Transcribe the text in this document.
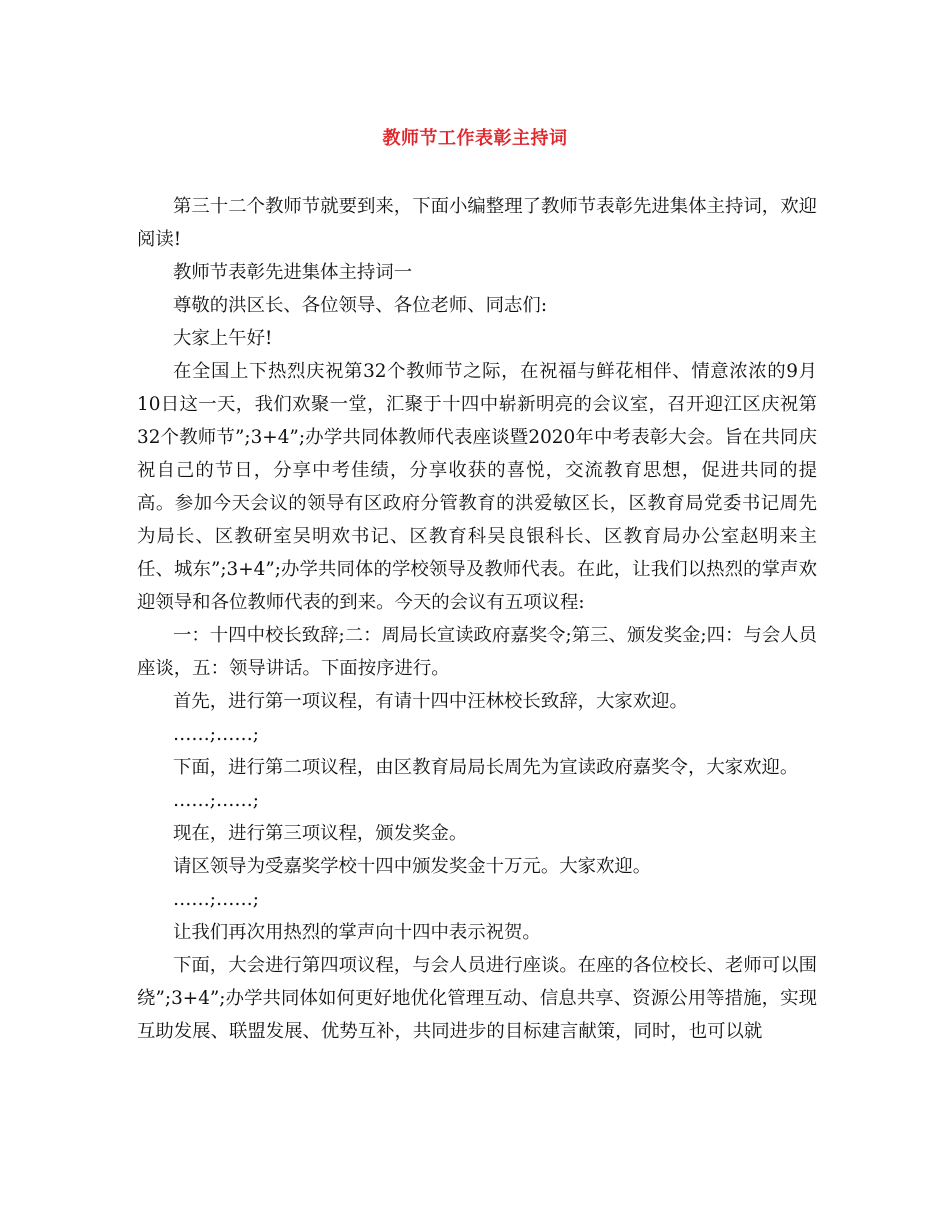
教师节工作表彰主持词

第三十二个教师节就要到来，下面小编整理了教师节表彰先进集体主持词，欢迎阅读!

教师节表彰先进集体主持词一

尊敬的洪区长、各位领导、各位老师、同志们:

大家上午好!

在全国上下热烈庆祝第32个教师节之际，在祝福与鲜花相伴、情意浓浓的9月10日这一天，我们欢聚一堂，汇聚于十四中崭新明亮的会议室，召开迎江区庆祝第32个教师节”;3+4”;办学共同体教师代表座谈暨2020年中考表彰大会。旨在共同庆祝自己的节日，分享中考佳绩，分享收获的喜悦，交流教育思想，促进共同的提高。参加今天会议的领导有区政府分管教育的洪爱敏区长，区教育局党委书记周先为局长、区教研室吴明欢书记、区教育科吴良银科长、区教育局办公室赵明来主任、城东”;3+4”;办学共同体的学校领导及教师代表。在此，让我们以热烈的掌声欢迎领导和各位教师代表的到来。今天的会议有五项议程:

一：十四中校长致辞;二：周局长宣读政府嘉奖令;第三、颁发奖金;四：与会人员座谈，五：领导讲话。下面按序进行。

首先，进行第一项议程，有请十四中汪林校长致辞，大家欢迎。

……;……;

下面，进行第二项议程，由区教育局局长周先为宣读政府嘉奖令，大家欢迎。

……;……;

现在，进行第三项议程，颁发奖金。

请区领导为受嘉奖学校十四中颁发奖金十万元。大家欢迎。

……;……;

让我们再次用热烈的掌声向十四中表示祝贺。

下面，大会进行第四项议程，与会人员进行座谈。在座的各位校长、老师可以围绕”;3+4”;办学共同体如何更好地优化管理互动、信息共享、资源公用等措施，实现互助发展、联盟发展、优势互补，共同进步的目标建言献策，同时，也可以就
